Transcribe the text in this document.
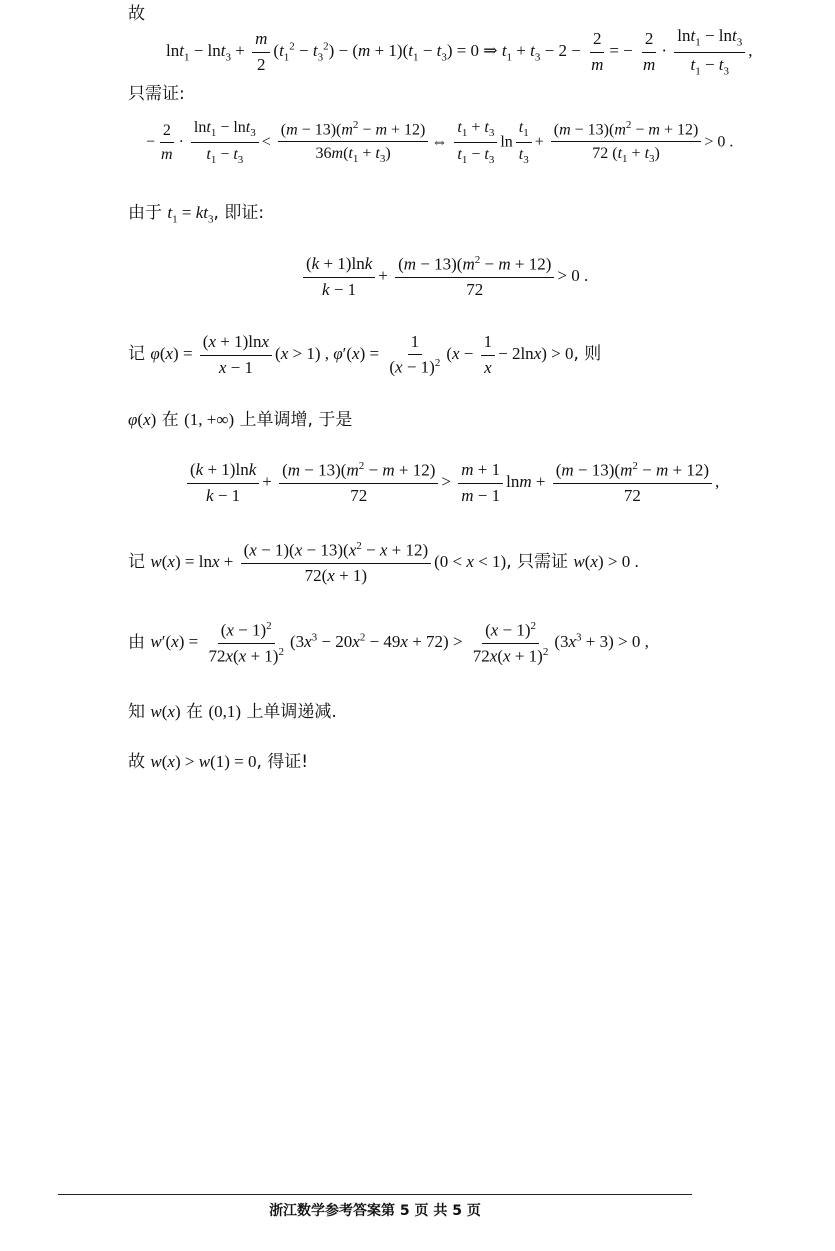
故
$\ln t_1 - \ln t_3 + \frac{m}{2} (t_1^2 - t_3^2) - (m + 1)(t_1 - t_3) = 0$ ⇒ $t_1 + t_3 - 2 - \frac{2}{m}$ = − $\frac{2}{m} \cdot \frac{\ln t_1 - \ln t_3}{t_1 - t_3}$ ,
只需证:
− $\frac{2}{m} \cdot \frac{\ln t_1 - \ln t_3}{t_1 - t_3} < \frac{(m - 13)(m^2 - m + 12)}{36m(t_1 + t_3)}$ ⇔ $\frac{t_1 + t_3}{t_1 - t_3}$ $\ln \frac{t_1}{t_3} + \frac{(m - 13)(m^2 - m + 12)}{72 (t_1 + t_3)} > 0$ .
由于 $t_1 = kt_3$, 即证:
$\frac{(k + 1)\ln k}{k - 1} + \frac{(m - 13)(m^2 - m + 12)}{72} > 0$ .
记 $\varphi(x) = \frac{(x + 1)\ln x}{x - 1} (x > 1)$ , $\varphi'(x) = \frac{1}{(x - 1)^2} (x - \frac{1}{x} - 2\ln x) > 0$, 则
φ(x) 在 (1, +∞) 上单调增, 于是
$\frac{(k + 1)\ln k}{k - 1} + \frac{(m - 13)(m^2 - m + 12)}{72} > \frac{m + 1}{m - 1}$ $\ln m + \frac{(m - 13)(m^2 - m + 12)}{72}$ ,
记 $w(x) = \ln x + \frac{(x - 1)(x - 13)(x^2 - x + 12)}{72(x + 1)} (0 < x < 1)$, 只需证 w(x) > 0 .
由 $w'(x) = \frac{(x - 1)^2}{72x(x + 1)^2} (3x^3 - 20x^2 - 49x + 72) > \frac{(x - 1)^2}{72x(x + 1)^2} (3x^3 + 3) > 0$ ,
知 w(x) 在 (0,1) 上单调递减.
故 w(x) > w(1) = 0, 得证!
浙江数学参考答案第 5 页 共 5 页
